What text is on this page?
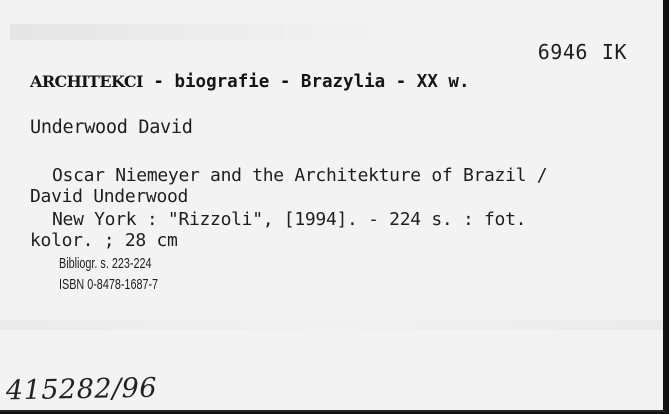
6946 IK
ARCHITEKCI - biografie - Brazylia - XX w.
Underwood David
Oscar Niemeyer and the Architekture of Brazil /
David Underwood
New York : "Rizzoli", [1994]. - 224 s. : fot.
kolor. ; 28 cm
Bibliogr. s. 223-224
ISBN 0-8478-1687-7
415282/96
